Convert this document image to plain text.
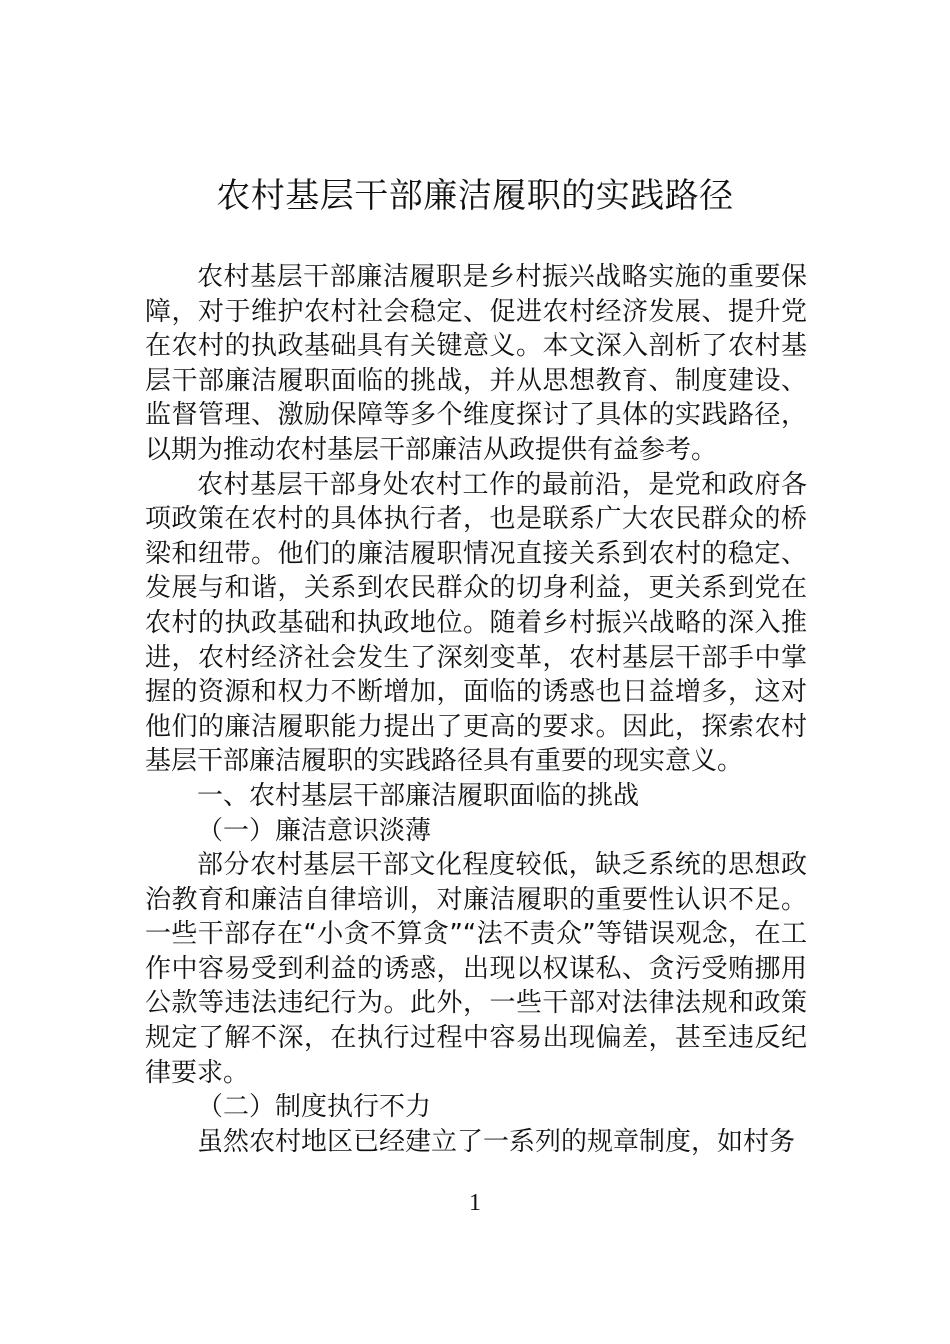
农村基层干部廉洁履职的实践路径

农村基层干部廉洁履职是乡村振兴战略实施的重要保障，对于维护农村社会稳定、促进农村经济发展、提升党在农村的执政基础具有关键意义。本文深入剖析了农村基层干部廉洁履职面临的挑战，并从思想教育、制度建设、监督管理、激励保障等多个维度探讨了具体的实践路径，以期为推动农村基层干部廉洁从政提供有益参考。

农村基层干部身处农村工作的最前沿，是党和政府各项政策在农村的具体执行者，也是联系广大农民群众的桥梁和纽带。他们的廉洁履职情况直接关系到农村的稳定、发展与和谐，关系到农民群众的切身利益，更关系到党在农村的执政基础和执政地位。随着乡村振兴战略的深入推进，农村经济社会发生了深刻变革，农村基层干部手中掌握的资源和权力不断增加，面临的诱惑也日益增多，这对他们的廉洁履职能力提出了更高的要求。因此，探索农村基层干部廉洁履职的实践路径具有重要的现实意义。

一、农村基层干部廉洁履职面临的挑战

（一）廉洁意识淡薄

部分农村基层干部文化程度较低，缺乏系统的思想政治教育和廉洁自律培训，对廉洁履职的重要性认识不足。一些干部存在“小贪不算贪”“法不责众”等错误观念，在工作中容易受到利益的诱惑，出现以权谋私、贪污受贿挪用公款等违法违纪行为。此外，一些干部对法律法规和政策规定了解不深，在执行过程中容易出现偏差，甚至违反纪律要求。

（二）制度执行不力

虽然农村地区已经建立了一系列的规章制度，如村务

1
